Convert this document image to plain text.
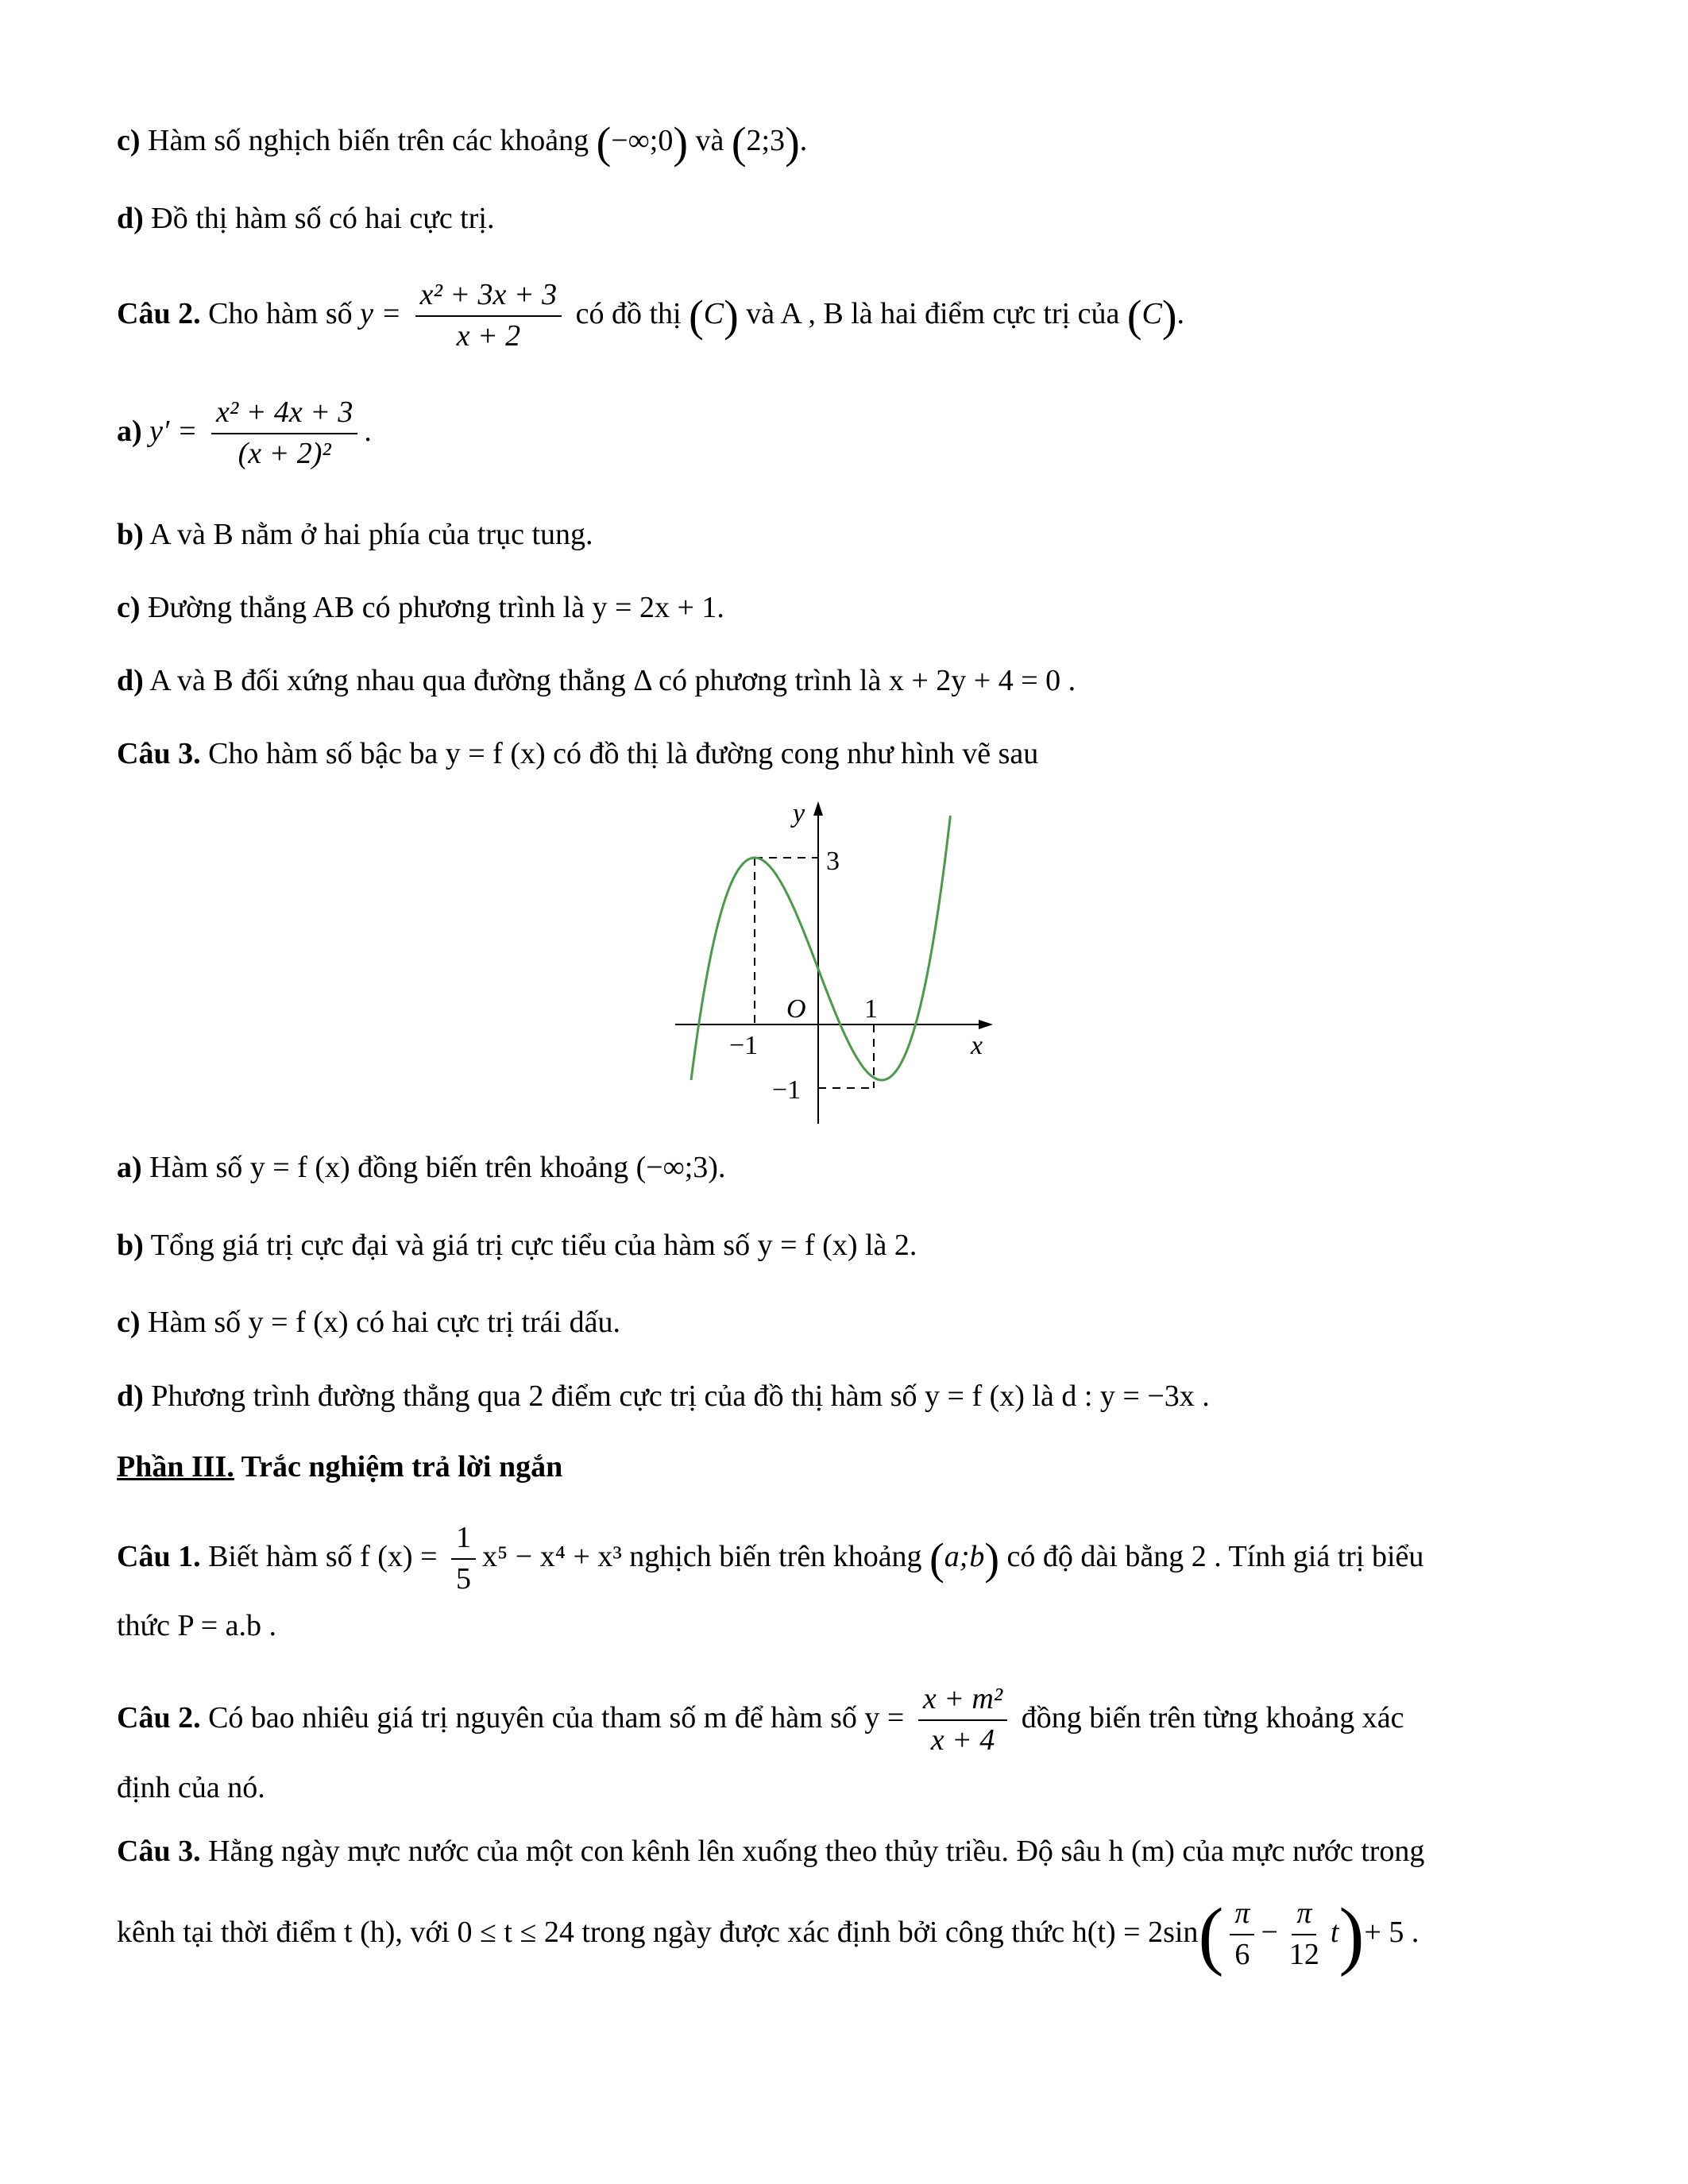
c) Hàm số nghịch biến trên các khoảng (−∞;0) và (2;3).
d) Đồ thị hàm số có hai cực trị.
Câu 2. Cho hàm số $y = \frac{\text{x² + 3x + 3}}{x + 2}$ có đồ thị (C) và A , B là hai điểm cực trị của (C).
a) $y' = \frac{\text{x² + 4x + 3}}{\text{(x + 2)²}}$ .
b) A và B nằm ở hai phía của trục tung.
c) Đường thẳng AB có phương trình là y = 2x + 1.
d) A và B đối xứng nhau qua đường thẳng Δ có phương trình là x + 2y + 4 = 0 .
Câu 3. Cho hàm số bậc ba y = f (x) có đồ thị là đường cong như hình vẽ sau
y
x
3
O 1
−1
−1
a) Hàm số y = f (x) đồng biến trên khoảng (−∞;3).
b) Tổng giá trị cực đại và giá trị cực tiểu của hàm số y = f (x) là 2.
c) Hàm số y = f (x) có hai cực trị trái dấu.
d) Phương trình đường thẳng qua 2 điểm cực trị của đồ thị hàm số y = f (x) là d : y = −3x .
Phần III. Trắc nghiệm trả lời ngắn
Câu 1. Biết hàm số f $(x) = \frac{1}{5} x^5 - x^4 + x^3$ nghịch biến trên khoảng (a;b) có độ dài bằng 2 . Tính giá trị biểu
thức P = a.b .
Câu 2. Có bao nhiêu giá trị nguyên của tham số m để hàm số $y = \frac{\text{x + m²}}{x + 4}$ đồng biến trên từng khoảng xác
định của nó.
Câu 3. Hằng ngày mực nước của một con kênh lên xuống theo thủy triều. Độ sâu h (m) của mực nước trong
kênh tại thời điểm t (h), với 0 ≤ t ≤ 24 trong ngày được xác định bởi công thức $h(t) = 2\sin( \frac{\pi}{6} - \frac{\pi}{12} t)+ 5$ .
